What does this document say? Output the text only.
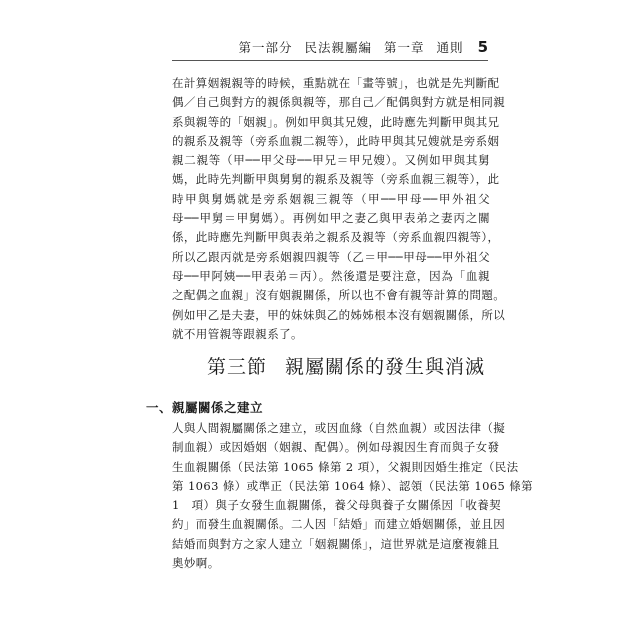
第一部分 民法親屬編 第一章 通則 5

在計算姻親親等的時候，重點就在「畫等號」，也就是先判斷配

偶／自己與對方的親係與親等，那自己／配偶與對方就是相同親

系與親等的「姻親」。例如甲與其兄嫂，此時應先判斷甲與其兄

的親系及親等（旁系血親二親等），此時甲與其兄嫂就是旁系姻

親二親等（甲──甲父母──甲兄＝甲兄嫂）。又例如甲與其舅

媽，此時先判斷甲與舅舅的親系及親等（旁系血親三親等），此

時甲與舅媽就是旁系姻親三親等（甲──甲母──甲外祖父

母──甲舅＝甲舅媽）。再例如甲之妻乙與甲表弟之妻丙之關

係，此時應先判斷甲與表弟之親系及親等（旁系血親四親等），

所以乙跟丙就是旁系姻親四親等（乙＝甲──甲母──甲外祖父

母──甲阿姨──甲表弟＝丙）。然後還是要注意，因為「血親

之配偶之血親」沒有姻親關係，所以也不會有親等計算的問題。

例如甲乙是夫妻，甲的妹妹與乙的姊姊根本沒有姻親關係，所以

就不用管親等跟親系了。

第三節 親屬關係的發生與消滅
一、親屬關係之建立

人與人間親屬關係之建立，或因血緣（自然血親）或因法律（擬

制血親）或因婚姻（姻親、配偶）。例如母親因生育而與子女發

生血親關係（民法第 1065 條第 2 項），父親則因婚生推定（民法

第 1063 條）或準正（民法第 1064 條）、認領（民法第 1065 條第

1　項）與子女發生血親關係，養父母與養子女關係因「收養契

約」而發生血親關係。二人因「結婚」而建立婚姻關係，並且因

結婚而與對方之家人建立「姻親關係」，這世界就是這麼複雜且

奧妙啊。
